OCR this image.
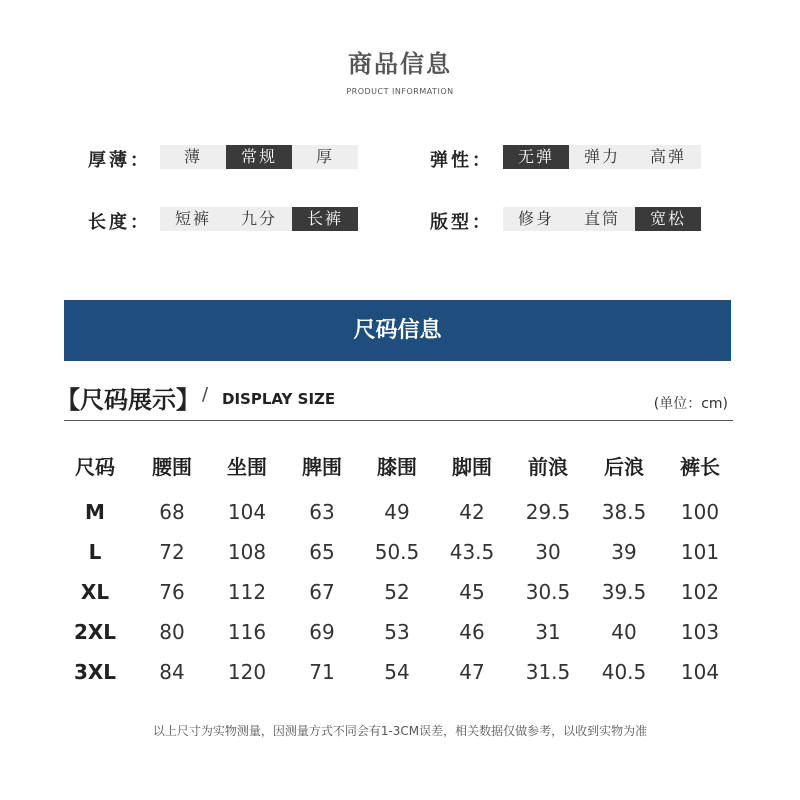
商品信息
PRODUCT INFORMATION
厚薄：	薄	常规	厚	弹性：	无弹	弹力	高弹
长度：	短裤	九分	长裤	版型：	修身	直筒	宽松
尺码信息
【尺码展示】 / DISPLAY SIZE	(单位：cm)
尺码	腰围	坐围	脾围	膝围	脚围	前浪	后浪	裤长
M	68	104	63	49	42	29.5	38.5	100
L	72	108	65	50.5	43.5	30	39	101
XL	76	112	67	52	45	30.5	39.5	102
2XL	80	116	69	53	46	31	40	103
3XL	84	120	71	54	47	31.5	40.5	104
以上尺寸为实物测量，因测量方式不同会有1-3CM误差，相关数据仅做参考，以收到实物为准
